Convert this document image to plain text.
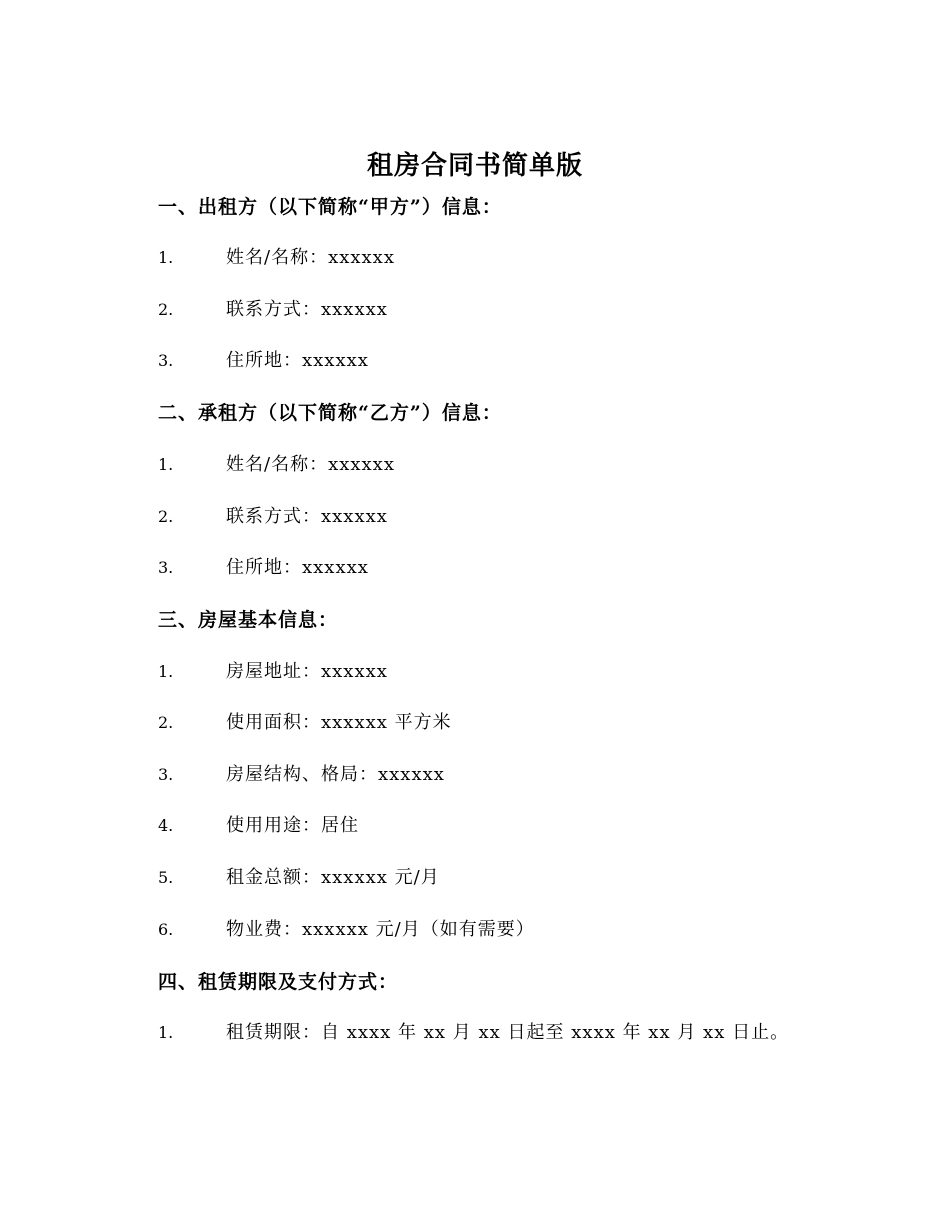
租房合同书简单版
一、出租方（以下简称“甲方”）信息：
1.	姓名/名称：xxxxxx
2.	联系方式：xxxxxx
3.	住所地：xxxxxx
二、承租方（以下简称“乙方”）信息：
1.	姓名/名称：xxxxxx
2.	联系方式：xxxxxx
3.	住所地：xxxxxx
三、房屋基本信息：
1.	房屋地址：xxxxxx
2.	使用面积：xxxxxx 平方米
3.	房屋结构、格局：xxxxxx
4.	使用用途：居住
5.	租金总额：xxxxxx 元/月
6.	物业费：xxxxxx 元/月（如有需要）
四、租赁期限及支付方式：
1.	租赁期限：自 xxxx 年 xx 月 xx 日起至 xxxx 年 xx 月 xx 日止。
